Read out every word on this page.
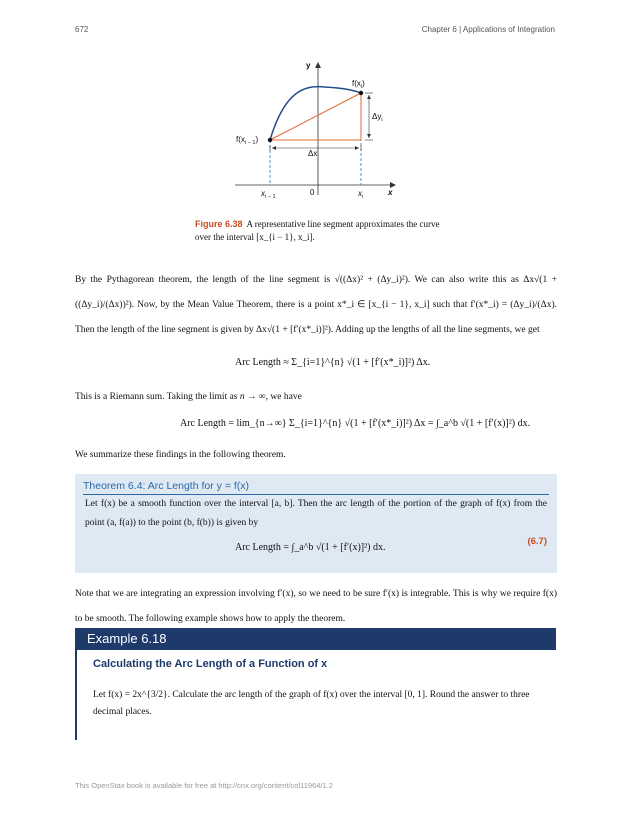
672	Chapter 6 | Applications of Integration
y
x
0
Δx
$\Delta y_i$
$f(x_i)$
$f(x_{i - 1})$
$x_{i - 1}$	$x_i$
Figure 6.38 A representative line segment approximates the curve over the interval [x_{i − 1}, x_i].
By the Pythagorean theorem, the length of the line segment is √((Δx)² + (Δy_i)²). We can also write this as Δx√(1 + ((Δy_i)/(Δx))²). Now, by the Mean Value Theorem, there is a point x*_i ∈ [x_{i − 1}, x_i] such that f′(x*_i) = (Δy_i)/(Δx). Then the length of the line segment is given by Δx√(1 + [f′(x*_i)]²). Adding up the lengths of all the line segments, we get
Arc Length ≈ Σ_{i=1}^{n} √(1 + [f′(x*_i)]²) Δx.
This is a Riemann sum. Taking the limit as n → ∞, we have
Arc Length = lim_{n→∞} Σ_{i=1}^{n} √(1 + [f′(x*_i)]²) Δx = ∫_a^b √(1 + [f′(x)]²) dx.
We summarize these findings in the following theorem.
Theorem 6.4: Arc Length for y = f(x)
Let f(x) be a smooth function over the interval [a, b]. Then the arc length of the portion of the graph of f(x) from the point (a, f(a)) to the point (b, f(b)) is given by
Arc Length = ∫_a^b √(1 + [f′(x)]²) dx.
(6.7)
Note that we are integrating an expression involving f′(x), so we need to be sure f′(x) is integrable. This is why we require f(x) to be smooth. The following example shows how to apply the theorem.
Example 6.18
Calculating the Arc Length of a Function of x
Let f(x) = 2x^{3/2}. Calculate the arc length of the graph of f(x) over the interval [0, 1]. Round the answer to three decimal places.
This OpenStax book is available for free at http://cnx.org/content/col11964/1.2
